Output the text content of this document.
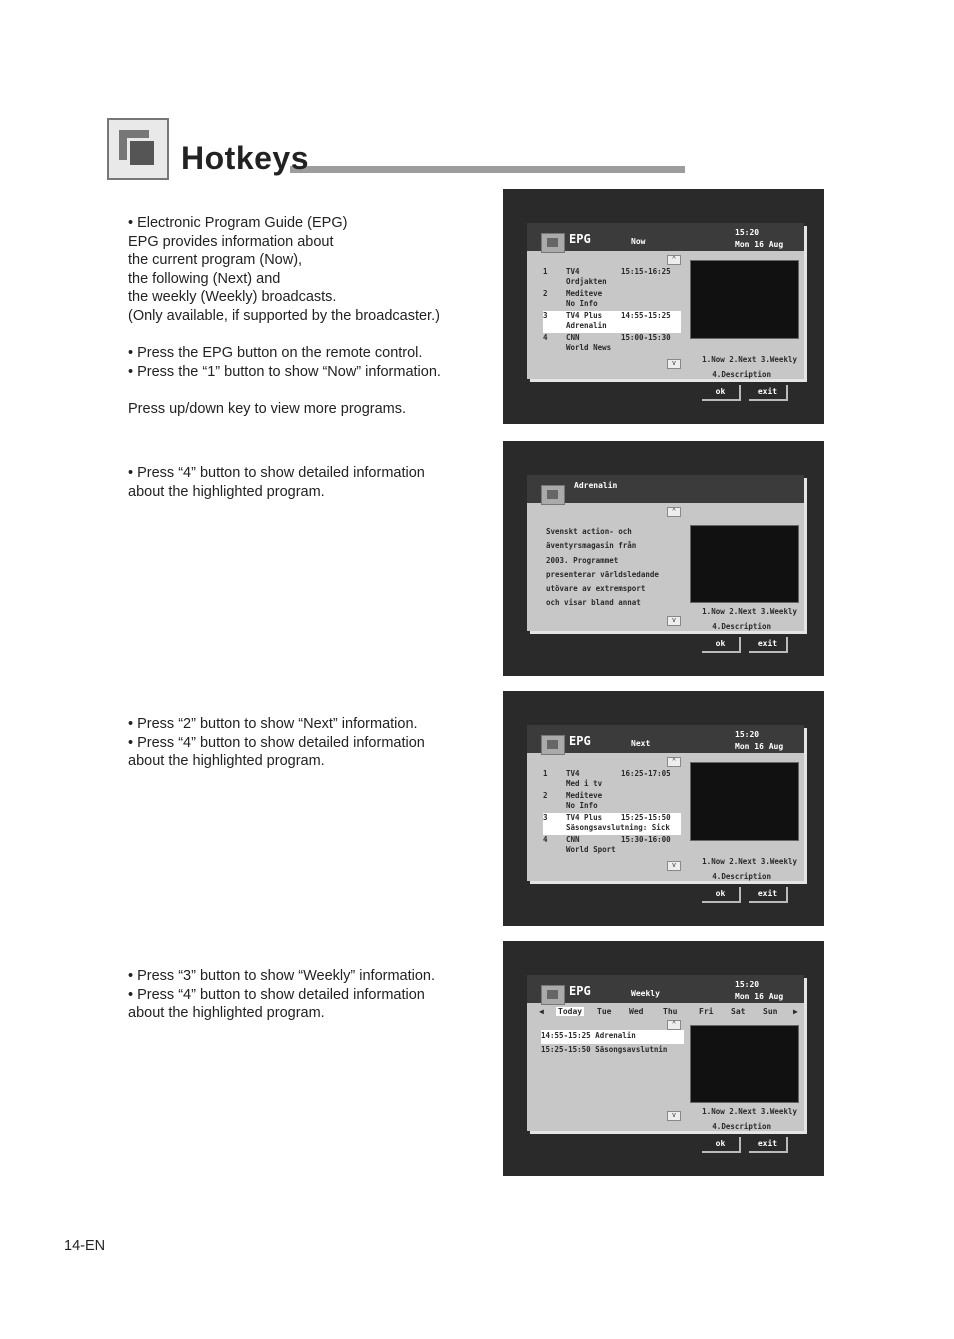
Hotkeys

• Electronic Program Guide (EPG)

EPG provides information about

the current program (Now),

the following (Next) and

the weekly (Weekly) broadcasts.

(Only available, if supported by the broadcaster.)

• Press the EPG button on the remote control.

• Press the “1” button to show “Now” information.

Press up/down key to view more programs.

• Press “4” button to show detailed information

about the highlighted program.

• Press “2” button to show “Next” information.

• Press “4” button to show detailed information

about the highlighted program.

• Press “3” button to show “Weekly” information.

• Press “4” button to show detailed information

about the highlighted program.

EPG	Now
15:20
Mon 16 Aug
^
1 TV4	15:15-16:25
Ordjakten
2 Meditevе
No Info
3 TV4 Plus	14:55-15:25
Adrenalin
4 CNN	15:00-15:30
World News
v	1.Now 2.Next 3.Weekly
4.Description
ok	exit
Adrenalin
^
Svenskt action- och
äventyrsmagasin från
2003. Programmet
presenterar världsledande
utövare av extremsport
och visar bland annat
v
1.Now 2.Next 3.Weekly
4.Description
ok	exit
EPG	Next
15:20
Mon 16 Aug
^
1 TV4	16:25-17:05
Med i tv
2 Meditevе
No Info
3 TV4 Plus	15:25-15:50
Säsongsavslutning: Sick
4 CNN	15:30-16:00
World Sport
v	1.Now 2.Next 3.Weekly
4.Description
ok	exit
EPG	Weekly
15:20
Mon 16 Aug
◀ Today Tue Wed Thu	Fri Sat Sun ▶
^
14:55-15:25 Adrenalin
15:25-15:50 Säsongsavslutnin
v	1.Now 2.Next 3.Weekly
4.Description
ok	exit
14-EN
